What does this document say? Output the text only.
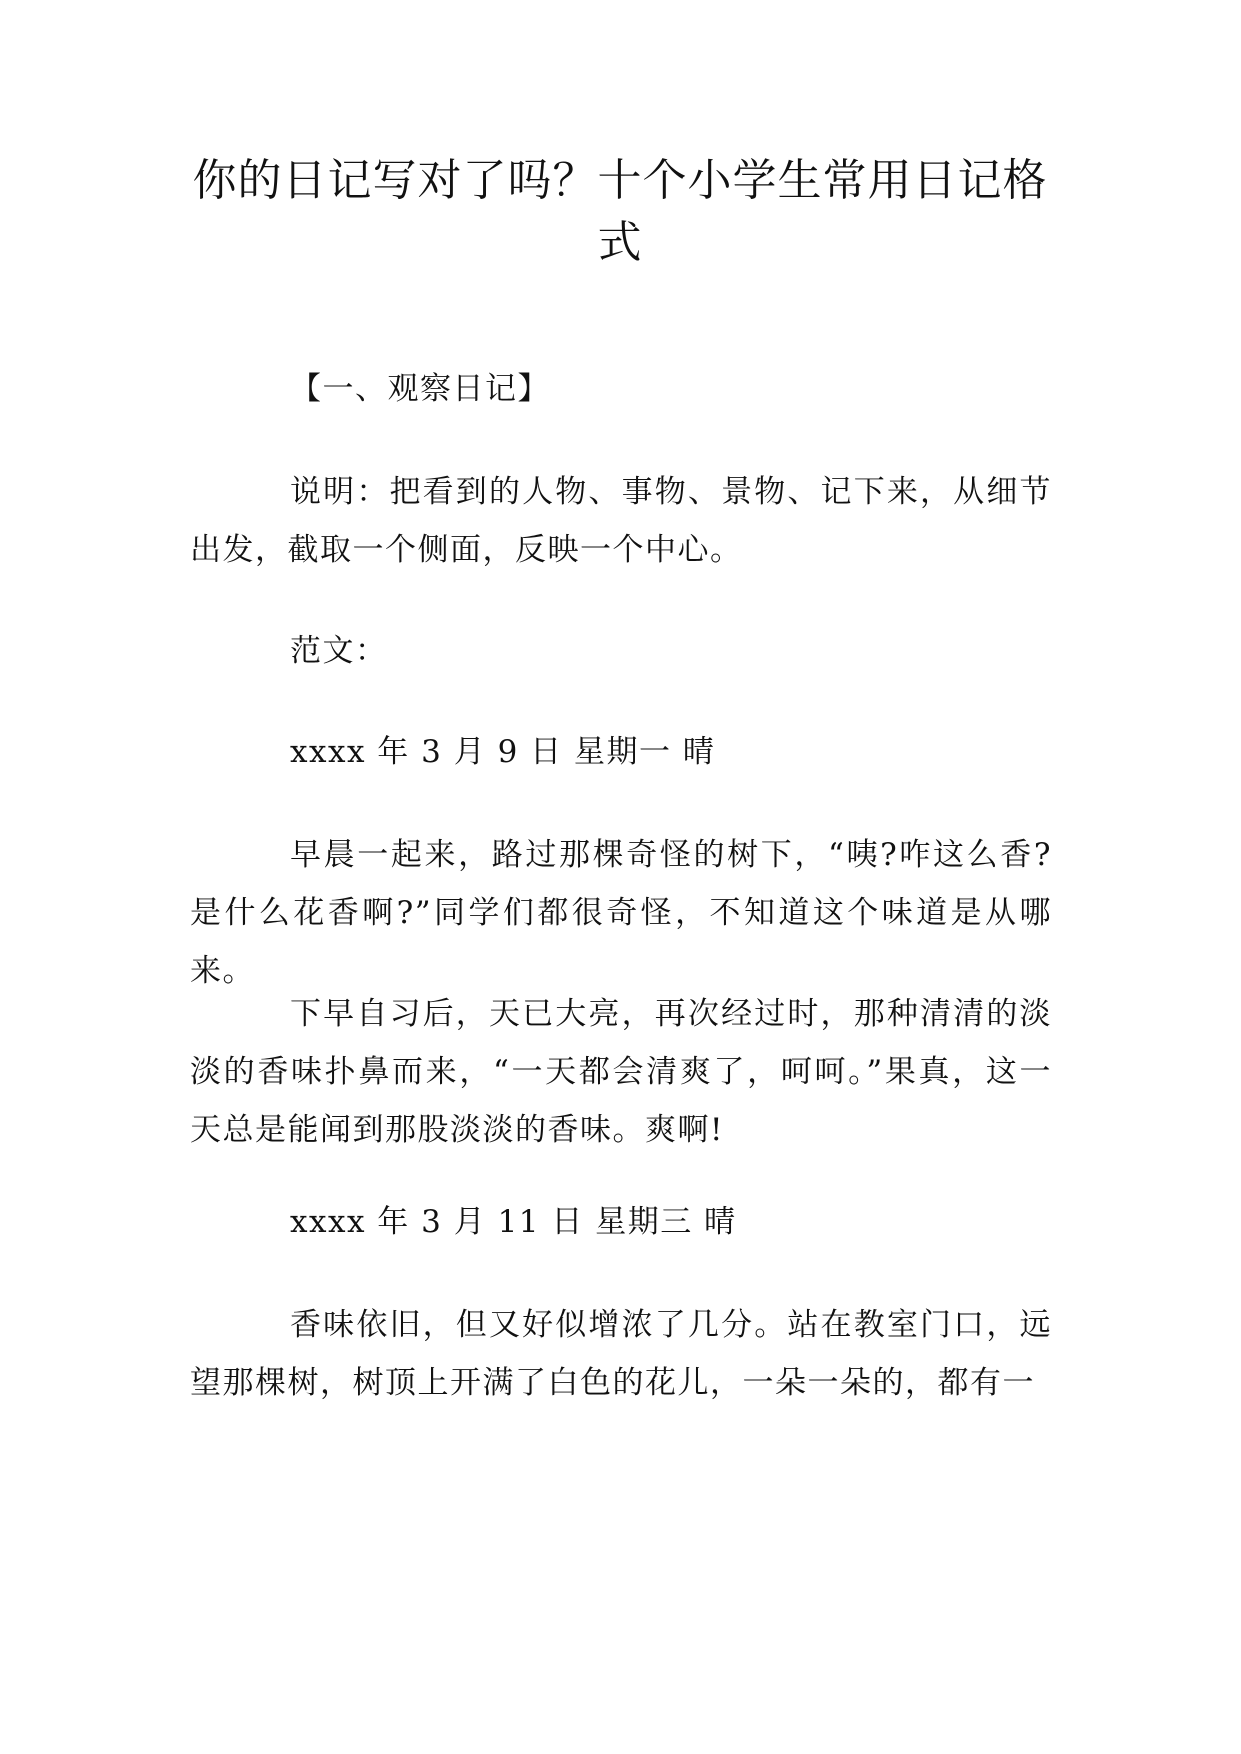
你的日记写对了吗？十个小学生常用日记格式

【一、观察日记】

说明：把看到的人物、事物、景物、记下来，从细节出发，截取一个侧面，反映一个中心。

范文：

xxxx 年 3 月 9 日 星期一 晴

早晨一起来，路过那棵奇怪的树下，“咦?咋这么香?是什么花香啊?”同学们都很奇怪，不知道这个味道是从哪来。

下早自习后，天已大亮，再次经过时，那种清清的淡淡的香味扑鼻而来，“一天都会清爽了，呵呵。”果真，这一天总是能闻到那股淡淡的香味。爽啊!

xxxx 年 3 月 11 日 星期三 晴

香味依旧，但又好似增浓了几分。站在教室门口，远望那棵树，树顶上开满了白色的花儿，一朵一朵的，都有一
